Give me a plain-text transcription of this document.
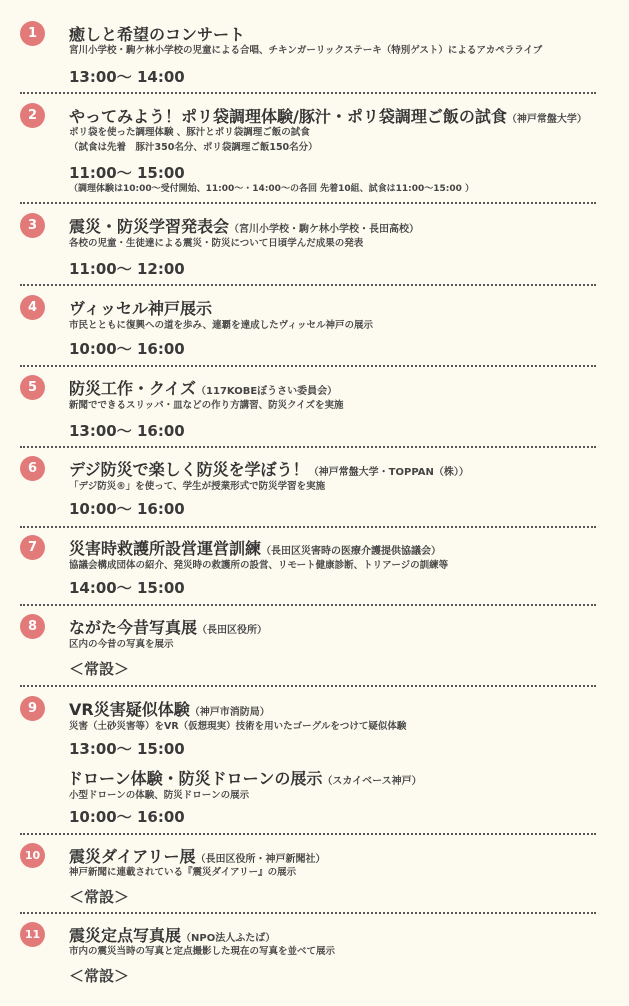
1	癒しと希望のコンサート
宮川小学校・駒ケ林小学校の児童による合唱、チキンガーリックステーキ（特別ゲスト）によるアカペラライブ
13:00～ 14:00
2	やってみよう！ポリ袋調理体験/豚汁・ポリ袋調理ご飯の試食（神戸常盤大学）
ポリ袋を使った調理体験 、豚汁とポリ袋調理ご飯の試食
（試食は先着　豚汁350名分、ポリ袋調理ご飯150名分）
11:00～ 15:00
（調理体験は10:00～受付開始、11:00～・14:00～の各回 先着10組、試食は11:00～15:00 ）
3	震災・防災学習発表会（宮川小学校・駒ケ林小学校・長田高校）
各校の児童・生徒達による震災・防災について日頃学んだ成果の発表
11:00～ 12:00
4	ヴィッセル神戸展示
市民とともに復興への道を歩み、連覇を達成したヴィッセル神戸の展示
10:00～ 16:00
5	防災工作・クイズ（117KOBEぼうさい委員会）
新聞でできるスリッパ・皿などの作り方講習、防災クイズを実施
13:00～ 16:00
6	デジ防災で楽しく防災を学ぼう！（神戸常盤大学・TOPPAN（株））
「デジ防災®」を使って、学生が授業形式で防災学習を実施
10:00～ 16:00
7	災害時救護所設営運営訓練（長田区災害時の医療介護提供協議会）
協議会構成団体の紹介、発災時の救護所の設営、リモート健康診断、トリアージの訓練等
14:00～ 15:00
8	ながた今昔写真展（長田区役所）
区内の今昔の写真を展示
＜常設＞
9	VR災害疑似体験（神戸市消防局）
災害（土砂災害等）をVR（仮想現実）技術を用いたゴーグルをつけて疑似体験
13:00～ 15:00
ドローン体験・防災ドローンの展示（スカイベース神戸）
小型ドローンの体験、防災ドローンの展示
10:00～ 16:00
10	震災ダイアリー展（長田区役所・神戸新聞社）
神戸新聞に連載されている『震災ダイアリー』の展示
＜常設＞
11	震災定点写真展（NPO法人ふたば）
市内の震災当時の写真と定点撮影した現在の写真を並べて展示
＜常設＞
